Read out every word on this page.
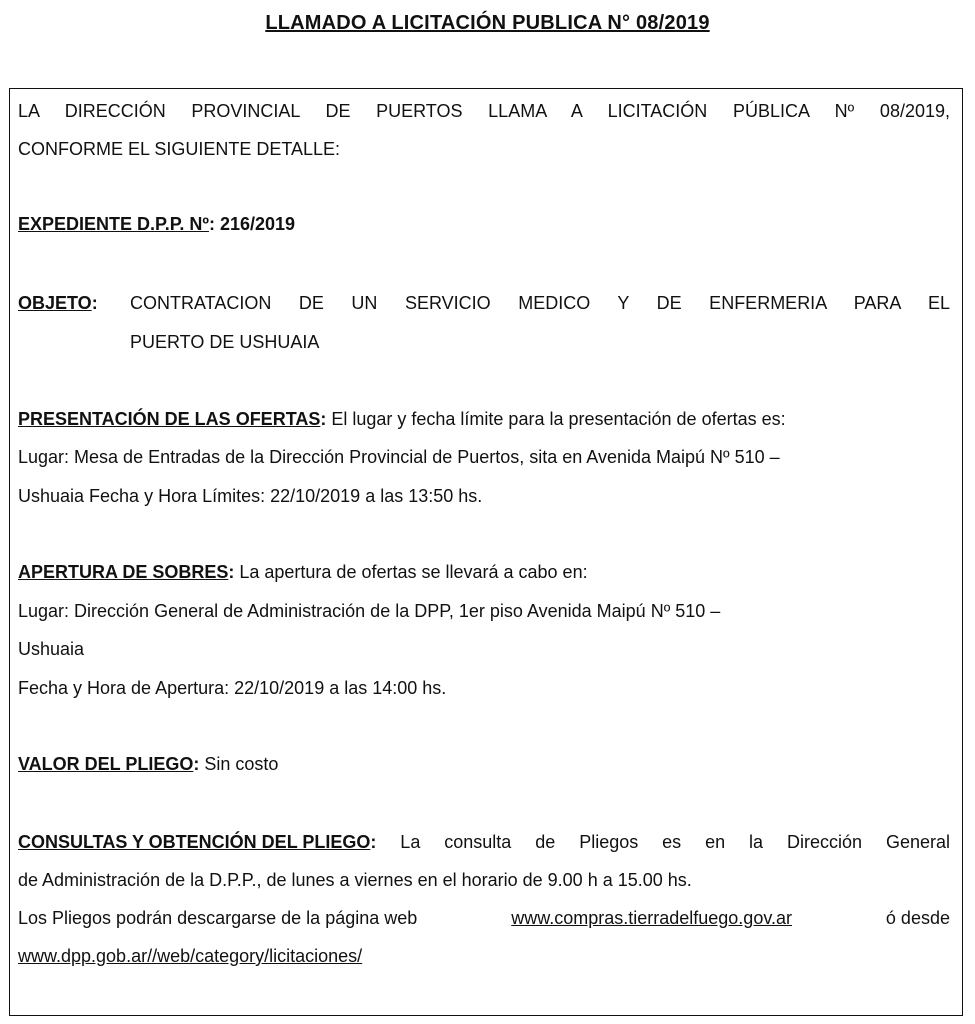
LLAMADO A LICITACIÓN PUBLICA N° 08/2019
LA DIRECCIÓN PROVINCIAL DE PUERTOS LLAMA A LICITACIÓN PÚBLICA Nº 08/2019,
CONFORME EL SIGUIENTE DETALLE:
EXPEDIENTE D.P.P. Nº: 216/2019
OBJETO:	CONTRATACION DE UN SERVICIO MEDICO Y DE ENFERMERIA PARA EL
PUERTO DE USHUAIA
PRESENTACIÓN DE LAS OFERTAS: El lugar y fecha límite para la presentación de ofertas es:
Lugar: Mesa de Entradas de la Dirección Provincial de Puertos, sita en Avenida Maipú Nº 510 –
Ushuaia Fecha y Hora Límites: 22/10/2019 a las 13:50 hs.
APERTURA DE SOBRES: La apertura de ofertas se llevará a cabo en:
Lugar: Dirección General de Administración de la DPP, 1er piso Avenida Maipú Nº 510 –
Ushuaia
Fecha y Hora de Apertura: 22/10/2019 a las 14:00 hs.
VALOR DEL PLIEGO: Sin costo
CONSULTAS Y OBTENCIÓN DEL PLIEGO: La consulta de Pliegos es en la Dirección General
de Administración de la D.P.P., de lunes a viernes en el horario de 9.00 h a 15.00 hs.
Los Pliegos podrán descargarse de la página web	www.compras.tierradelfuego.gov.ar	ó desde
www.dpp.gob.ar//web/category/licitaciones/
